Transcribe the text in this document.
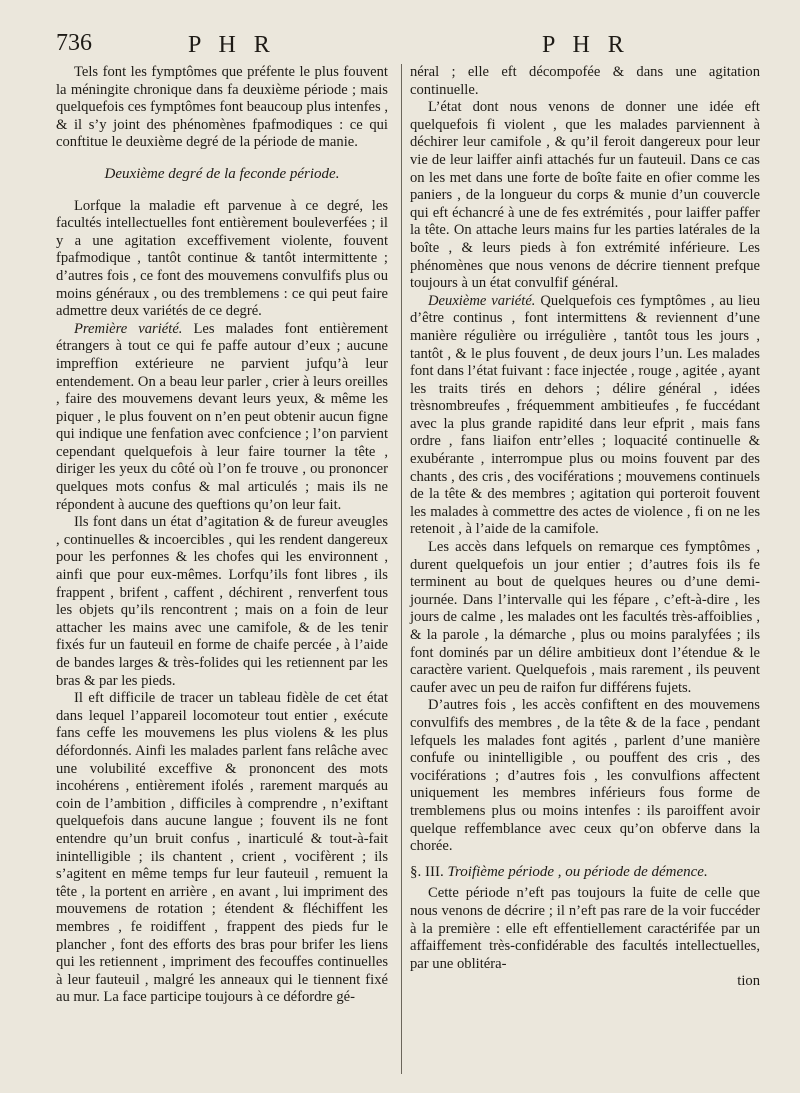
736	P H R	P H R

Tels font les fymptômes que préfente le plus fouvent la méningite chronique dans fa deuxième période ; mais quelquefois ces fymptômes font beaucoup plus intenfes , & il s’y joint des phénomènes fpafmodiques : ce qui conftitue le deuxième degré de la période de manie.

Deuxième degré de la feconde période.

Lorfque la maladie eft parvenue à ce degré, les facultés intellectuelles font entièrement bouleverfées ; il y a une agitation exceffivement violente, fouvent fpafmodique , tantôt continue & tantôt intermittente ; d’autres fois , ce font des mouvemens convulfifs plus ou moins généraux , ou des tremblemens : ce qui peut faire admettre deux variétés de ce degré.

Première variété. Les malades font entièrement étrangers à tout ce qui fe paffe autour d’eux ; aucune impreffion extérieure ne parvient jufqu’à leur entendement. On a beau leur parler , crier à leurs oreilles , faire des mouvemens devant leurs yeux, & même les piquer , le plus fouvent on n’en peut obtenir aucun figne qui indique une fenfation avec confcience ; l’on parvient cependant quelquefois à leur faire tourner la tête , diriger les yeux du côté où l’on fe trouve , ou prononcer quelques mots confus & mal articulés ; mais ils ne répondent à aucune des queftions qu’on leur fait.

Ils font dans un état d’agitation & de fureur aveugles , continuelles & incoercibles , qui les rendent dangereux pour les perfonnes & les chofes qui les environnent , ainfi que pour eux-mêmes. Lorfqu’ils font libres , ils frappent , brifent , caffent , déchirent , renverfent tous les objets qu’ils rencontrent ; mais on a foin de leur attacher les mains avec une camifole, & de les tenir fixés fur un fauteuil en forme de chaife percée , à l’aide de bandes larges & très-folides qui les retiennent par les bras & par les pieds.

Il eft difficile de tracer un tableau fidèle de cet état dans lequel l’appareil locomoteur tout entier , exécute fans ceffe les mouvemens les plus violens & les plus défordonnés. Ainfi les malades parlent fans relâche avec une volubilité exceffive & prononcent des mots incohérens , entièrement ifolés , rarement marqués au coin de l’ambition , difficiles à comprendre , n’exiftant quelquefois dans aucune langue ; fouvent ils ne font entendre qu’un bruit confus , inarticulé & tout-à-fait inintelligible ; ils chantent , crient , vocifèrent ; ils s’agitent en même temps fur leur fauteuil , remuent la tête , la portent en arrière , en avant , lui impriment des mouvemens de rotation ; étendent & fléchiffent les membres , fe roidiffent , frappent des pieds fur le plancher , font des efforts des bras pour brifer les liens qui les retiennent , impriment des fecouffes continuelles à leur fauteuil , malgré les anneaux qui le tiennent fixé au mur. La face participe toujours à ce défordre gé-

néral ; elle eft décompofée & dans une agitation continuelle.

L’état dont nous venons de donner une idée eft quelquefois fi violent , que les malades parviennent à déchirer leur camifole , & qu’il feroit dangereux pour leur vie de leur laiffer ainfi attachés fur un fauteuil. Dans ce cas on les met dans une forte de boîte faite en ofier comme les paniers , de la longueur du corps & munie d’un couvercle qui eft échancré à une de fes extrémités , pour laiffer paffer la tête. On attache leurs mains fur les parties latérales de la boîte , & leurs pieds à fon extrémité inférieure. Les phénomènes que nous venons de décrire tiennent prefque toujours à un état convulfif général.

Deuxième variété. Quelquefois ces fymptômes , au lieu d’être continus , font intermittens & reviennent d’une manière régulière ou irrégulière , tantôt tous les jours , tantôt , & le plus fouvent , de deux jours l’un. Les malades font dans l’état fuivant : face injectée , rouge , agitée , ayant les traits tirés en dehors ; délire général , idées trèsnombreufes , fréquemment ambitieufes , fe fuccédant avec la plus grande rapidité dans leur efprit , mais fans ordre , fans liaifon entr’elles ; loquacité continuelle & exubérante , interrompue plus ou moins fouvent par des chants , des cris , des vociférations ; mouvemens continuels de la tête & des membres ; agitation qui porteroit fouvent les malades à commettre des actes de violence , fi on ne les retenoit , à l’aide de la camifole.

Les accès dans lefquels on remarque ces fymptômes , durent quelquefois un jour entier ; d’autres fois ils fe terminent au bout de quelques heures ou d’une demi-journée. Dans l’intervalle qui les fépare , c’eft-à-dire , les jours de calme , les malades ont les facultés très-affoiblies , & la parole , la démarche , plus ou moins paralyfées ; ils font dominés par un délire ambitieux dont l’étendue & le caractère varient. Quelquefois , mais rarement , ils peuvent caufer avec un peu de raifon fur différens fujets.

D’autres fois , les accès confiftent en des mouvemens convulfifs des membres , de la tête & de la face , pendant lefquels les malades font agités , parlent d’une manière confufe ou inintelligible , ou pouffent des cris , des vociférations ; d’autres fois , les convulfions affectent uniquement les membres inférieurs fous forme de tremblemens plus ou moins intenfes : ils paroiffent avoir quelque reffemblance avec ceux qu’on obferve dans la chorée.

§. III. Troifième période , ou période de démence.

Cette période n’eft pas toujours la fuite de celle que nous venons de décrire ; il n’eft pas rare de la voir fuccéder à la première : elle eft effentiellement caractérifée par un affaiffement très-confidérable des facultés intellectuelles, par une oblitéra-

tion
